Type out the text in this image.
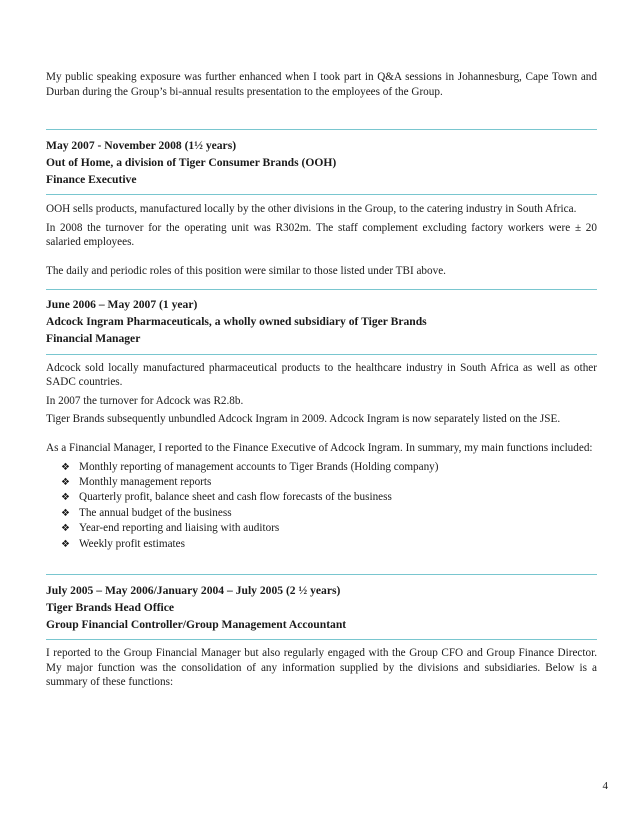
My public speaking exposure was further enhanced when I took part in Q&A sessions in Johannesburg, Cape Town and Durban during the Group’s bi-annual results presentation to the employees of the Group.

May 2007 - November 2008 (1½ years)
Out of Home, a division of Tiger Consumer Brands (OOH)
Finance Executive

OOH sells products, manufactured locally by the other divisions in the Group, to the catering industry in South Africa.

In 2008 the turnover for the operating unit was R302m. The staff complement excluding factory workers were ± 20 salaried employees.

The daily and periodic roles of this position were similar to those listed under TBI above.

June 2006 – May 2007 (1 year)
Adcock Ingram Pharmaceuticals, a wholly owned subsidiary of Tiger Brands
Financial Manager

Adcock sold locally manufactured pharmaceutical products to the healthcare industry in South Africa as well as other SADC countries.

In 2007 the turnover for Adcock was R2.8b.

Tiger Brands subsequently unbundled Adcock Ingram in 2009. Adcock Ingram is now separately listed on the JSE.

As a Financial Manager, I reported to the Finance Executive of Adcock Ingram. In summary, my main functions included:

❖ Monthly reporting of management accounts to Tiger Brands (Holding company)
❖ Monthly management reports
❖ Quarterly profit, balance sheet and cash flow forecasts of the business
❖ The annual budget of the business
❖ Year-end reporting and liaising with auditors
❖ Weekly profit estimates
July 2005 – May 2006/January 2004 – July 2005 (2 ½ years)
Tiger Brands Head Office
Group Financial Controller/Group Management Accountant

I reported to the Group Financial Manager but also regularly engaged with the Group CFO and Group Finance Director. My major function was the consolidation of any information supplied by the divisions and subsidiaries. Below is a summary of these functions:

4
